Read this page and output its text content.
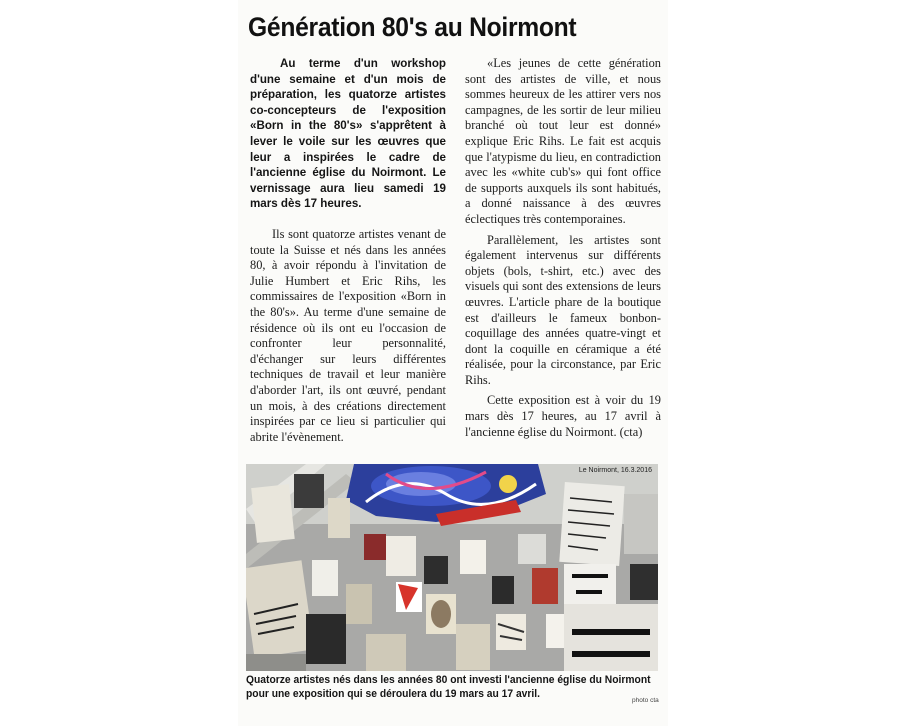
Génération 80's au Noirmont

Au terme d'un workshop d'une semaine et d'un mois de préparation, les quatorze artistes co-concepteurs de l'exposition «Born in the 80's» s'apprêtent à lever le voile sur les œuvres que leur a inspirées le cadre de l'ancienne église du Noirmont. Le vernissage aura lieu samedi 19 mars dès 17 heures.

Ils sont quatorze artistes venant de toute la Suisse et nés dans les années 80, à avoir répondu à l'invitation de Julie Humbert et Eric Rihs, les commissaires de l'exposition «Born in the 80's». Au terme d'une semaine de résidence où ils ont eu l'occasion de confronter leur personnalité, d'échanger sur leurs différentes techniques de travail et leur manière d'aborder l'art, ils ont œuvré, pendant un mois, à des créations directement inspirées par ce lieu si particulier qui abrite l'évènement.

«Les jeunes de cette génération sont des artistes de ville, et nous sommes heureux de les attirer vers nos campagnes, de les sortir de leur milieu branché où tout leur est donné» explique Eric Rihs. Le fait est acquis que l'atypisme du lieu, en contradiction avec les «white cub's» qui font office de supports auxquels ils sont habitués, a donné naissance à des œuvres éclectiques très contemporaines.

Parallèlement, les artistes sont également intervenus sur différents objets (bols, t-shirt, etc.) avec des visuels qui sont des extensions de leurs œuvres. L'article phare de la boutique est d'ailleurs le fameux bonbon-coquillage des années quatre-vingt et dont la coquille en céramique a été réalisée, pour la circonstance, par Eric Rihs.

Cette exposition est à voir du 19 mars dès 17 heures, au 17 avril à l'ancienne église du Noirmont. (cta)

Le Noirmont, 16.3.2016
Quatorze artistes nés dans les années 80 ont investi l'ancienne église du Noirmont
pour une exposition qui se déroulera du 19 mars au 17 avril.
photo cta
